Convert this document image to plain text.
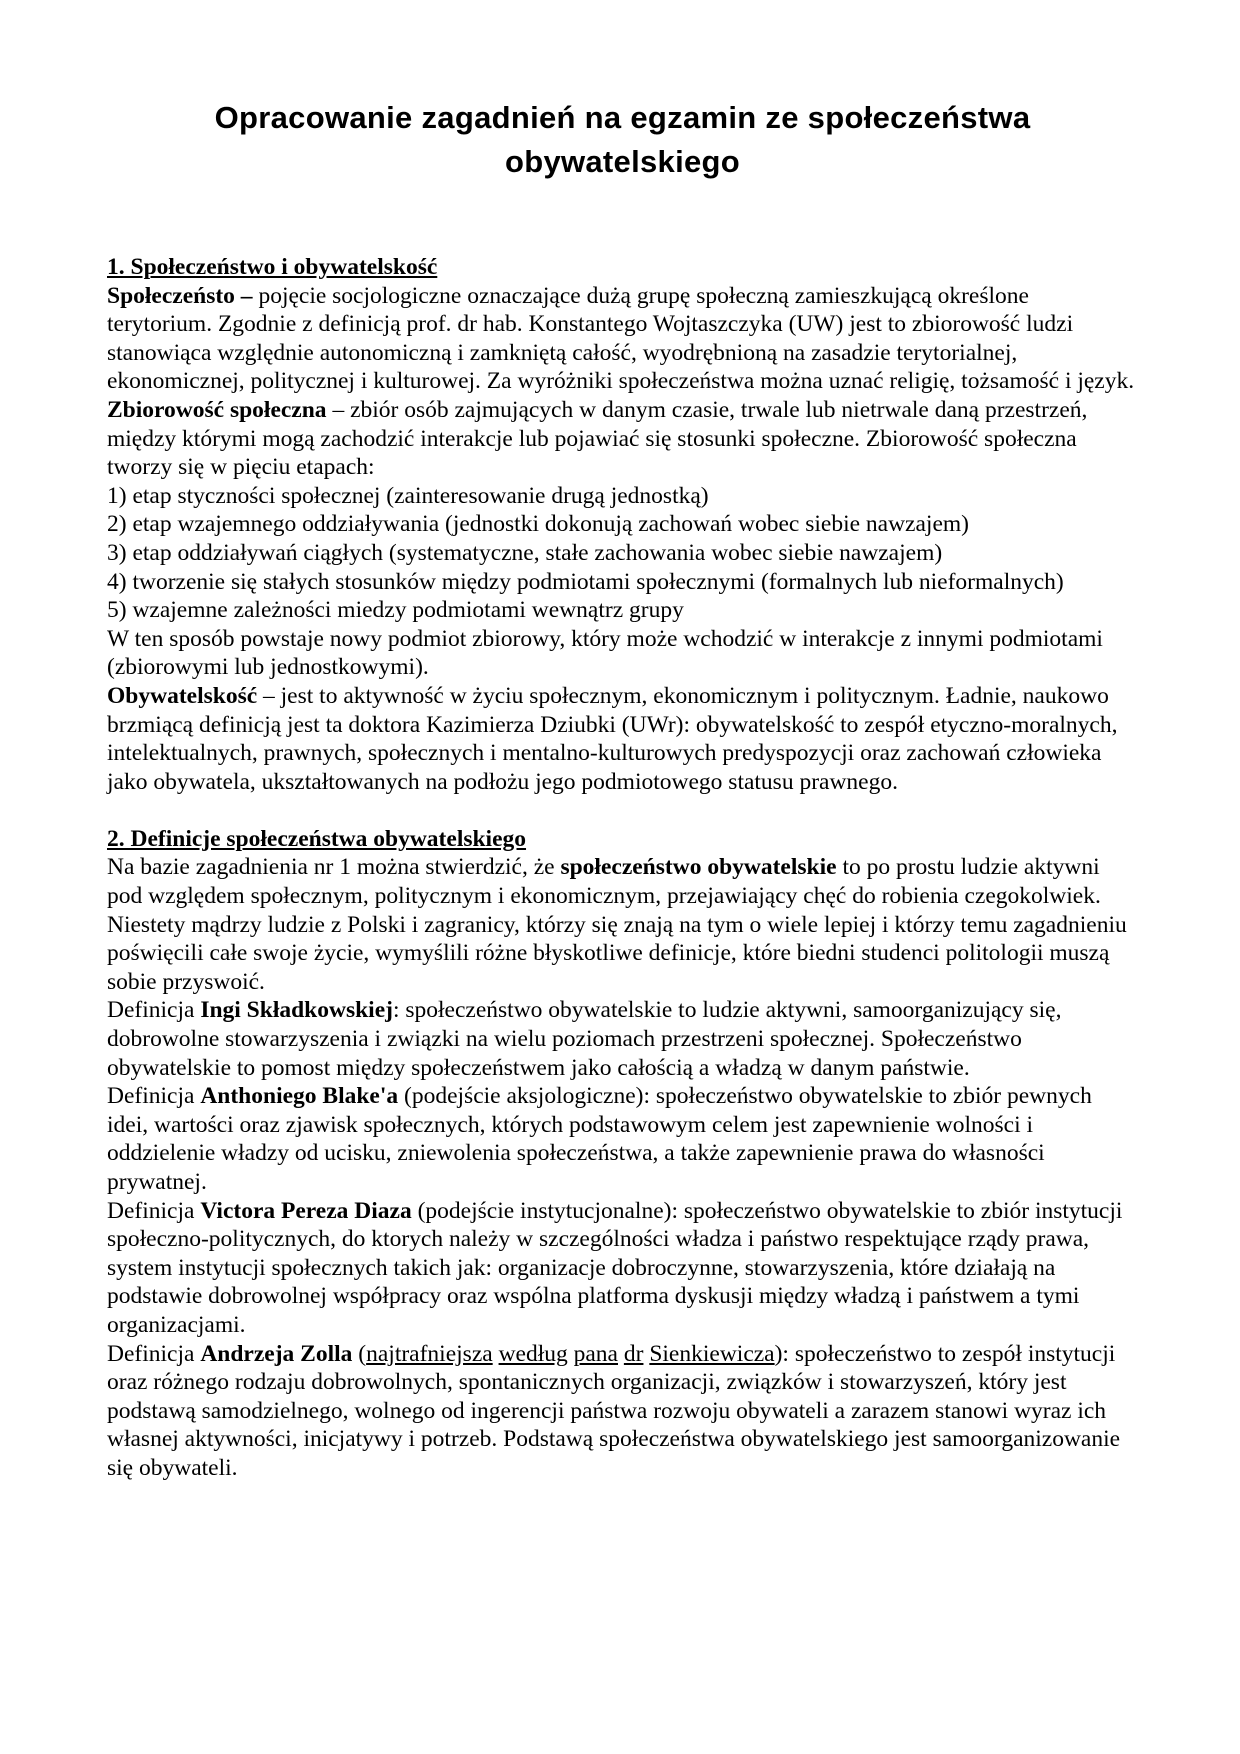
Opracowanie zagadnień na egzamin ze społeczeństwa obywatelskiego
1. Społeczeństwo i obywatelskość

Społeczeństo – pojęcie socjologiczne oznaczające dużą grupę społeczną zamieszkującą określone terytorium. Zgodnie z definicją prof. dr hab. Konstantego Wojtaszczyka (UW) jest to zbiorowość ludzi stanowiąca względnie autonomiczną i zamkniętą całość, wyodrębnioną na zasadzie terytorialnej, ekonomicznej, politycznej i kulturowej. Za wyróżniki społeczeństwa można uznać religię, tożsamość i język.

Zbiorowość społeczna – zbiór osób zajmujących w danym czasie, trwale lub nietrwale daną przestrzeń, między którymi mogą zachodzić interakcje lub pojawiać się stosunki społeczne. Zbiorowość społeczna tworzy się w pięciu etapach:

1) etap styczności społecznej (zainteresowanie drugą jednostką)

2) etap wzajemnego oddziaływania (jednostki dokonują zachowań wobec siebie nawzajem)

3) etap oddziaływań ciągłych (systematyczne, stałe zachowania wobec siebie nawzajem)

4) tworzenie się stałych stosunków między podmiotami społecznymi (formalnych lub nieformalnych)

5) wzajemne zależności miedzy podmiotami wewnątrz grupy

W ten sposób powstaje nowy podmiot zbiorowy, który może wchodzić w interakcje z innymi podmiotami (zbiorowymi lub jednostkowymi).

Obywatelskość – jest to aktywność w życiu społecznym, ekonomicznym i politycznym. Ładnie, naukowo brzmiącą definicją jest ta doktora Kazimierza Dziubki (UWr): obywatelskość to zespół etyczno-moralnych, intelektualnych, prawnych, społecznych i mentalno-kulturowych predyspozycji oraz zachowań człowieka jako obywatela, ukształtowanych na podłożu jego podmiotowego statusu prawnego.

2. Definicje społeczeństwa obywatelskiego

Na bazie zagadnienia nr 1 można stwierdzić, że społeczeństwo obywatelskie to po prostu ludzie aktywni pod względem społecznym, politycznym i ekonomicznym, przejawiający chęć do robienia czegokolwiek. Niestety mądrzy ludzie z Polski i zagranicy, którzy się znają na tym o wiele lepiej i którzy temu zagadnieniu poświęcili całe swoje życie, wymyślili różne błyskotliwe definicje, które biedni studenci politologii muszą sobie przyswoić.

Definicja Ingi Składkowskiej: społeczeństwo obywatelskie to ludzie aktywni, samoorganizujący się, dobrowolne stowarzyszenia i związki na wielu poziomach przestrzeni społecznej. Społeczeństwo obywatelskie to pomost między społeczeństwem jako całością a władzą w danym państwie.

Definicja Anthoniego Blake'a (podejście aksjologiczne): społeczeństwo obywatelskie to zbiór pewnych idei, wartości oraz zjawisk społecznych, których podstawowym celem jest zapewnienie wolności i oddzielenie władzy od ucisku, zniewolenia społeczeństwa, a także zapewnienie prawa do własności prywatnej.

Definicja Victora Pereza Diaza (podejście instytucjonalne): społeczeństwo obywatelskie to zbiór instytucji społeczno-politycznych, do ktorych należy w szczególności władza i państwo respektujące rządy prawa, system instytucji społecznych takich jak: organizacje dobroczynne, stowarzyszenia, które działają na podstawie dobrowolnej współpracy oraz wspólna platforma dyskusji między władzą i państwem a tymi organizacjami.

Definicja Andrzeja Zolla (najtrafniejsza według pana dr Sienkiewicza): społeczeństwo to zespół instytucji oraz różnego rodzaju dobrowolnych, spontanicznych organizacji, związków i stowarzyszeń, który jest podstawą samodzielnego, wolnego od ingerencji państwa rozwoju obywateli a zarazem stanowi wyraz ich własnej aktywności, inicjatywy i potrzeb. Podstawą społeczeństwa obywatelskiego jest samoorganizowanie się obywateli.
